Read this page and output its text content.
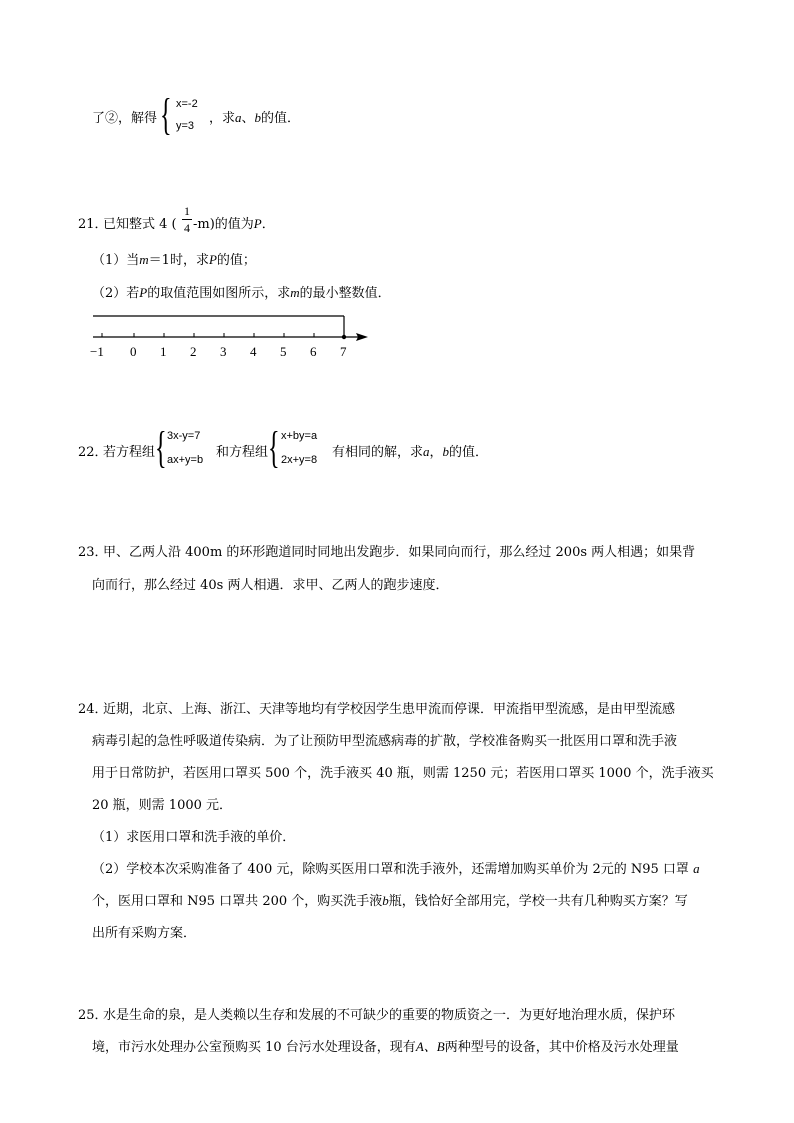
了②，解得 { x=-2
y=3 ，求a、b的值．
21．
已知整式 4 (
1
4 -m)的值为P．
（1）当m＝1时，求P的值；
（2）若P的取值范围如图所示，求m的最小整数值．
−1 0 1 2 3 4 5 6 7
22．
若方程组 { 3x-y=7
ax+y=b 和方程组 { x+by=a
2x+y=8 有相同的解，求a，b的值．
23．
甲、乙两人沿 400m 的环形跑道同时同地出发跑步．如果同向而行，那么经过 200s 两人相遇；如果背
向而行，那么经过 40s 两人相遇．求甲、乙两人的跑步速度．
24．
近期，北京、上海、浙江、天津等地均有学校因学生患甲流而停课．甲流指甲型流感，是由甲型流感
病毒引起的急性呼吸道传染病．为了让预防甲型流感病毒的扩散，学校准备购买一批医用口罩和洗手液
用于日常防护，若医用口罩买 500 个，洗手液买 40 瓶，则需 1250 元；若医用口罩买 1000 个，洗手液买
20 瓶，则需 1000 元．
（1）求医用口罩和洗手液的单价．
（2）学校本次采购准备了 400 元，除购买医用口罩和洗手液外，还需增加购买单价为 2元的 N95 口罩 a
个，医用口罩和 N95 口罩共 200 个，购买洗手液b瓶，钱恰好全部用完，学校一共有几种购买方案？写
出所有采购方案．
25．
水是生命的泉，是人类赖以生存和发展的不可缺少的重要的物质资之一．为更好地治理水质，保护环
境，市污水处理办公室预购买 10 台污水处理设备，现有A、B两种型号的设备，其中价格及污水处理量
